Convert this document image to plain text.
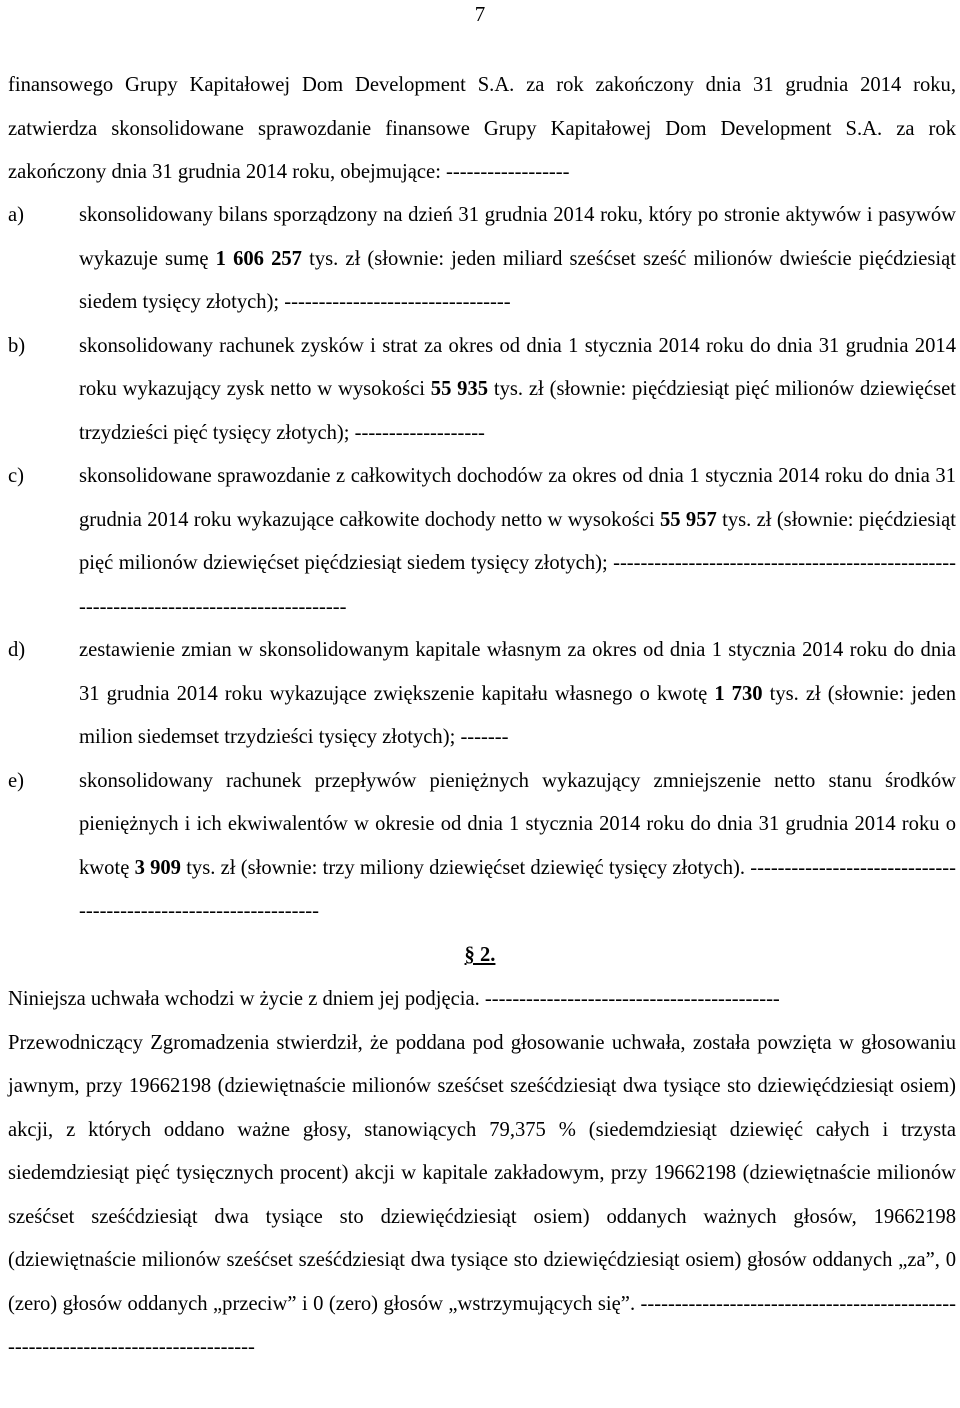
7
finansowego Grupy Kapitałowej Dom Development S.A. za rok zakończony dnia 31 grudnia 2014 roku, zatwierdza skonsolidowane sprawozdanie finansowe Grupy Kapitałowej Dom Development S.A. za rok zakończony dnia 31 grudnia 2014 roku, obejmujące: ------------------
a)	skonsolidowany bilans sporządzony na dzień 31 grudnia 2014 roku, który po stronie aktywów i pasywów wykazuje sumę 1 606 257 tys. zł (słownie: jeden miliard sześćset sześć milionów dwieście pięćdziesiąt siedem tysięcy złotych); ---------------------------------
b)	skonsolidowany rachunek zysków i strat za okres od dnia 1 stycznia 2014 roku do dnia 31 grudnia 2014 roku wykazujący zysk netto w wysokości 55 935 tys. zł (słownie: pięćdziesiąt pięć milionów dziewięćset trzydzieści pięć tysięcy złotych); -------------------
c)	skonsolidowane sprawozdanie z całkowitych dochodów za okres od dnia 1 stycznia 2014 roku do dnia 31 grudnia 2014 roku wykazujące całkowite dochody netto w wysokości 55 957 tys. zł (słownie: pięćdziesiąt pięć milionów dziewięćset pięćdziesiąt siedem tysięcy złotych); -----------------------------------------------------------------------------------------
d)	zestawienie zmian w skonsolidowanym kapitale własnym za okres od dnia 1 stycznia 2014 roku do dnia 31 grudnia 2014 roku wykazujące zwiększenie kapitału własnego o kwotę 1 730 tys. zł (słownie: jeden milion siedemset trzydzieści tysięcy złotych); -------
e)	skonsolidowany rachunek przepływów pieniężnych wykazujący zmniejszenie netto stanu środków pieniężnych i ich ekwiwalentów w okresie od dnia 1 stycznia 2014 roku do dnia 31 grudnia 2014 roku o kwotę 3 909 tys. zł (słownie: trzy miliony dziewięćset dziewięć tysięcy złotych). -----------------------------------------------------------------
§ 2.
Niniejsza uchwała wchodzi w życie z dniem jej podjęcia. -------------------------------------------
Przewodniczący Zgromadzenia stwierdził, że poddana pod głosowanie uchwała, została powzięta w głosowaniu jawnym, przy 19662198 (dziewiętnaście milionów sześćset sześćdziesiąt dwa tysiące sto dziewięćdziesiąt osiem) akcji, z których oddano ważne głosy, stanowiących 79,375 % (siedemdziesiąt dziewięć całych i trzysta siedemdziesiąt pięć tysięcznych procent) akcji w kapitale zakładowym, przy 19662198 (dziewiętnaście milionów sześćset sześćdziesiąt dwa tysiące sto dziewięćdziesiąt osiem) oddanych ważnych głosów, 19662198 (dziewiętnaście milionów sześćset sześćdziesiąt dwa tysiące sto dziewięćdziesiąt osiem) głosów oddanych „za”, 0 (zero) głosów oddanych „przeciw” i 0 (zero) głosów „wstrzymujących się”. ----------------------------------------------------------------------------------
